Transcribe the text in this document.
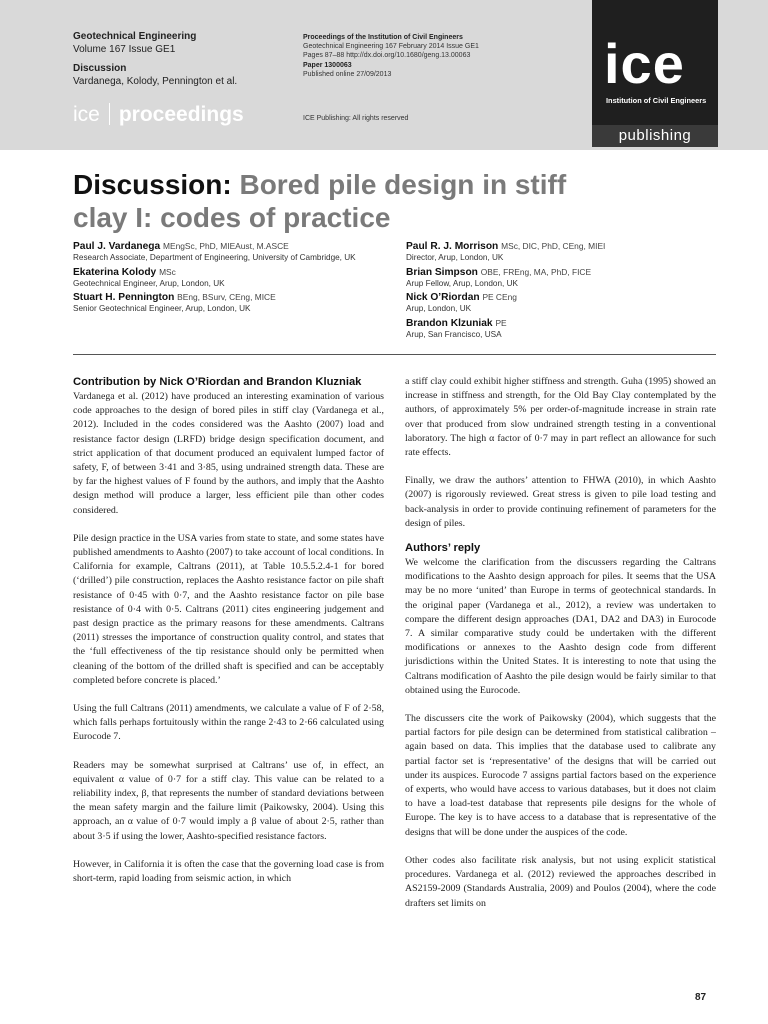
Geotechnical Engineering
Volume 167 Issue GE1
Discussion
Vardanega, Kolody, Pennington et al.
ice proceedings
Proceedings of the Institution of Civil Engineers
Geotechnical Engineering 167 February 2014 Issue GE1
Pages 87–88 http://dx.doi.org/10.1680/geng.13.00063
Paper 1300063
Published online 27/09/2013
ICE Publishing: All rights reserved
ice
Institution of Civil Engineers
publishing
Discussion: Bored pile design in stiff clay I: codes of practice
Paul J. Vardanega MEngSc, PhD, MIEAust, M.ASCE
Research Associate, Department of Engineering, University of Cambridge, UK
Ekaterina Kolody MSc
Geotechnical Engineer, Arup, London, UK
Stuart H. Pennington BEng, BSurv, CEng, MICE
Senior Geotechnical Engineer, Arup, London, UK
Paul R. J. Morrison MSc, DIC, PhD, CEng, MIEI
Director, Arup, London, UK
Brian Simpson OBE, FREng, MA, PhD, FICE
Arup Fellow, Arup, London, UK
Nick O’Riordan PE CEng
Arup, London, UK
Brandon Klzuniak PE
Arup, San Francisco, USA
Contribution by Nick O’Riordan and Brandon Kluzniak

Vardanega et al. (2012) have produced an interesting examination of various code approaches to the design of bored piles in stiff clay (Vardanega et al., 2012). Included in the codes considered was the Aashto (2007) load and resistance factor design (LRFD) bridge design specification document, and strict application of that document produced an equivalent lumped factor of safety, F, of between 3·41 and 3·85, using undrained strength data. These are by far the highest values of F found by the authors, and imply that the Aashto design method will produce a larger, less efficient pile than other codes considered.

Pile design practice in the USA varies from state to state, and some states have published amendments to Aashto (2007) to take account of local conditions. In California for example, Caltrans (2011), at Table 10.5.5.2.4-1 for bored (‘drilled’) pile construction, replaces the Aashto resistance factor on pile shaft resistance of 0·45 with 0·7, and the Aashto resistance factor on pile base resistance of 0·4 with 0·5. Caltrans (2011) cites engineering judgement and past design practice as the primary reasons for these amendments. Caltrans (2011) stresses the importance of construction quality control, and states that the ‘full effectiveness of the tip resistance should only be permitted when cleaning of the bottom of the drilled shaft is specified and can be acceptably completed before concrete is placed.’

Using the full Caltrans (2011) amendments, we calculate a value of F of 2·58, which falls perhaps fortuitously within the range 2·43 to 2·66 calculated using Eurocode 7.

Readers may be somewhat surprised at Caltrans’ use of, in effect, an equivalent α value of 0·7 for a stiff clay. This value can be related to a reliability index, β, that represents the number of standard deviations between the mean safety margin and the failure limit (Paikowsky, 2004). Using this approach, an α value of 0·7 would imply a β value of about 2·5, rather than about 3·5 if using the lower, Aashto-specified resistance factors.

However, in California it is often the case that the governing load case is from short-term, rapid loading from seismic action, in which

a stiff clay could exhibit higher stiffness and strength. Guha (1995) showed an increase in stiffness and strength, for the Old Bay Clay contemplated by the authors, of approximately 5% per order-of-magnitude increase in strain rate over that produced from slow undrained strength testing in a conventional laboratory. The high α factor of 0·7 may in part reflect an allowance for such rate effects.

Finally, we draw the authors’ attention to FHWA (2010), in which Aashto (2007) is rigorously reviewed. Great stress is given to pile load testing and back-analysis in order to provide continuing refinement of parameters for the design of piles.

Authors’ reply

We welcome the clarification from the discussers regarding the Caltrans modifications to the Aashto design approach for piles. It seems that the USA may be no more ‘united’ than Europe in terms of geotechnical standards. In the original paper (Vardanega et al., 2012), a review was undertaken to compare the different design approaches (DA1, DA2 and DA3) in Eurocode 7. A similar comparative study could be undertaken with the different modifications or annexes to the Aashto design code from different jurisdictions within the United States. It is interesting to note that using the Caltrans modification of Aashto the pile design would be fairly similar to that obtained using the Eurocode.

The discussers cite the work of Paikowsky (2004), which suggests that the partial factors for pile design can be determined from statistical calibration – again based on data. This implies that the database used to calibrate any partial factor set is ‘representative’ of the designs that will be carried out under its auspices. Eurocode 7 assigns partial factors based on the experience of experts, who would have access to various databases, but it does not claim to have a load-test database that represents pile designs for the whole of Europe. The key is to have access to a database that is representative of the designs that will be done under the auspices of the code.

Other codes also facilitate risk analysis, but not using explicit statistical procedures. Vardanega et al. (2012) reviewed the approaches described in AS2159-2009 (Standards Australia, 2009) and Poulos (2004), where the code drafters set limits on

87
